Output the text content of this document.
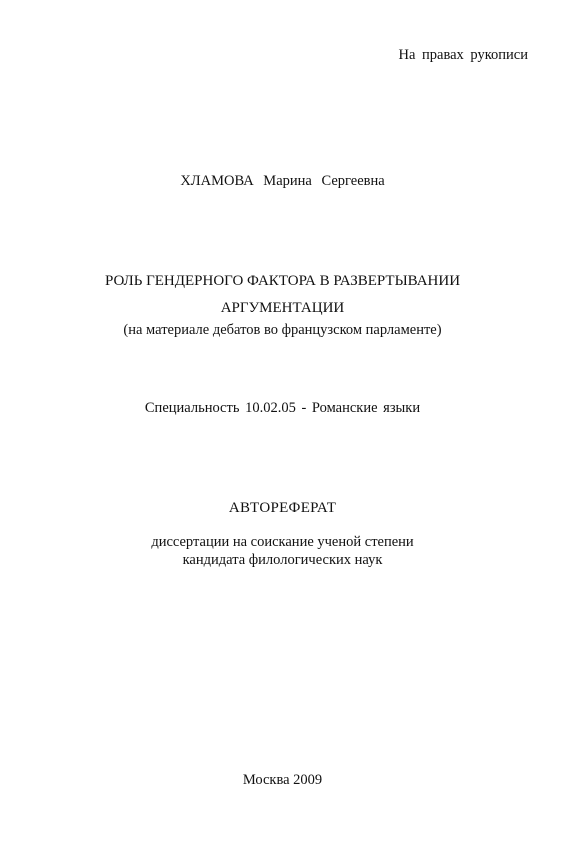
На правах рукописи
ХЛАМОВА Марина Сергеевна
РОЛЬ ГЕНДЕРНОГО ФАКТОРА В РАЗВЕРТЫВАНИИ
АРГУМЕНТАЦИИ
(на материале дебатов во французском парламенте)
Специальность 10.02.05 - Романские языки
АВТОРЕФЕРАТ
диссертации на соискание ученой степени
кандидата филологических наук
Москва 2009
